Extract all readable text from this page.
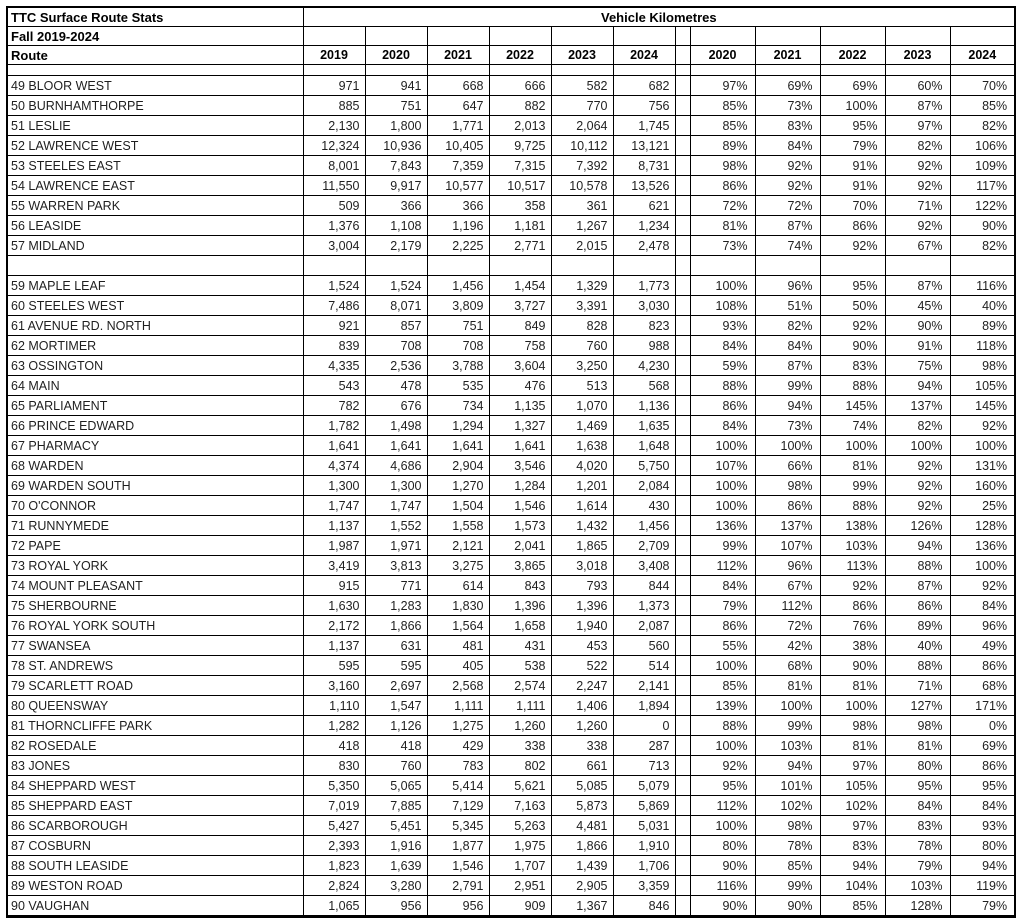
TTC Surface Route Stats	Vehicle Kilometres											
Fall 2019-2024												
Route	2019	2020	2021	2022	2023	2024		2020	2021	2022	2023	2024

49 BLOOR WEST	971	941	668	666	582	682		97%	69%	69%	60%	70%
50 BURNHAMTHORPE	885	751	647	882	770	756		85%	73%	100%	87%	85%
51 LESLIE	2,130	1,800	1,771	2,013	2,064	1,745		85%	83%	95%	97%	82%
52 LAWRENCE WEST	12,324	10,936	10,405	9,725	10,112	13,121		89%	84%	79%	82%	106%
53 STEELES EAST	8,001	7,843	7,359	7,315	7,392	8,731		98%	92%	91%	92%	109%
54 LAWRENCE EAST	11,550	9,917	10,577	10,517	10,578	13,526		86%	92%	91%	92%	117%
55 WARREN PARK	509	366	366	358	361	621		72%	72%	70%	71%	122%
56 LEASIDE	1,376	1,108	1,196	1,181	1,267	1,234		81%	87%	86%	92%	90%
57 MIDLAND	3,004	2,179	2,225	2,771	2,015	2,478		73%	74%	92%	67%	82%

59 MAPLE LEAF	1,524	1,524	1,456	1,454	1,329	1,773		100%	96%	95%	87%	116%
60 STEELES WEST	7,486	8,071	3,809	3,727	3,391	3,030		108%	51%	50%	45%	40%
61 AVENUE RD. NORTH	921	857	751	849	828	823		93%	82%	92%	90%	89%
62 MORTIMER	839	708	708	758	760	988		84%	84%	90%	91%	118%
63 OSSINGTON	4,335	2,536	3,788	3,604	3,250	4,230		59%	87%	83%	75%	98%
64 MAIN	543	478	535	476	513	568		88%	99%	88%	94%	105%
65 PARLIAMENT	782	676	734	1,135	1,070	1,136		86%	94%	145%	137%	145%
66 PRINCE EDWARD	1,782	1,498	1,294	1,327	1,469	1,635		84%	73%	74%	82%	92%
67 PHARMACY	1,641	1,641	1,641	1,641	1,638	1,648		100%	100%	100%	100%	100%
68 WARDEN	4,374	4,686	2,904	3,546	4,020	5,750		107%	66%	81%	92%	131%
69 WARDEN SOUTH	1,300	1,300	1,270	1,284	1,201	2,084		100%	98%	99%	92%	160%
70 O'CONNOR	1,747	1,747	1,504	1,546	1,614	430		100%	86%	88%	92%	25%
71 RUNNYMEDE	1,137	1,552	1,558	1,573	1,432	1,456		136%	137%	138%	126%	128%
72 PAPE	1,987	1,971	2,121	2,041	1,865	2,709		99%	107%	103%	94%	136%
73 ROYAL YORK	3,419	3,813	3,275	3,865	3,018	3,408		112%	96%	113%	88%	100%
74 MOUNT PLEASANT	915	771	614	843	793	844		84%	67%	92%	87%	92%
75 SHERBOURNE	1,630	1,283	1,830	1,396	1,396	1,373		79%	112%	86%	86%	84%
76 ROYAL YORK SOUTH	2,172	1,866	1,564	1,658	1,940	2,087		86%	72%	76%	89%	96%
77 SWANSEA	1,137	631	481	431	453	560		55%	42%	38%	40%	49%
78 ST. ANDREWS	595	595	405	538	522	514		100%	68%	90%	88%	86%
79 SCARLETT ROAD	3,160	2,697	2,568	2,574	2,247	2,141		85%	81%	81%	71%	68%
80 QUEENSWAY	1,110	1,547	1,111	1,111	1,406	1,894		139%	100%	100%	127%	171%
81 THORNCLIFFE PARK	1,282	1,126	1,275	1,260	1,260	0		88%	99%	98%	98%	0%
82 ROSEDALE	418	418	429	338	338	287		100%	103%	81%	81%	69%
83 JONES	830	760	783	802	661	713		92%	94%	97%	80%	86%
84 SHEPPARD WEST	5,350	5,065	5,414	5,621	5,085	5,079		95%	101%	105%	95%	95%
85 SHEPPARD EAST	7,019	7,885	7,129	7,163	5,873	5,869		112%	102%	102%	84%	84%
86 SCARBOROUGH	5,427	5,451	5,345	5,263	4,481	5,031		100%	98%	97%	83%	93%
87 COSBURN	2,393	1,916	1,877	1,975	1,866	1,910		80%	78%	83%	78%	80%
88 SOUTH LEASIDE	1,823	1,639	1,546	1,707	1,439	1,706		90%	85%	94%	79%	94%
89 WESTON ROAD	2,824	3,280	2,791	2,951	2,905	3,359		116%	99%	104%	103%	119%
90 VAUGHAN	1,065	956	956	909	1,367	846		90%	90%	85%	128%	79%
